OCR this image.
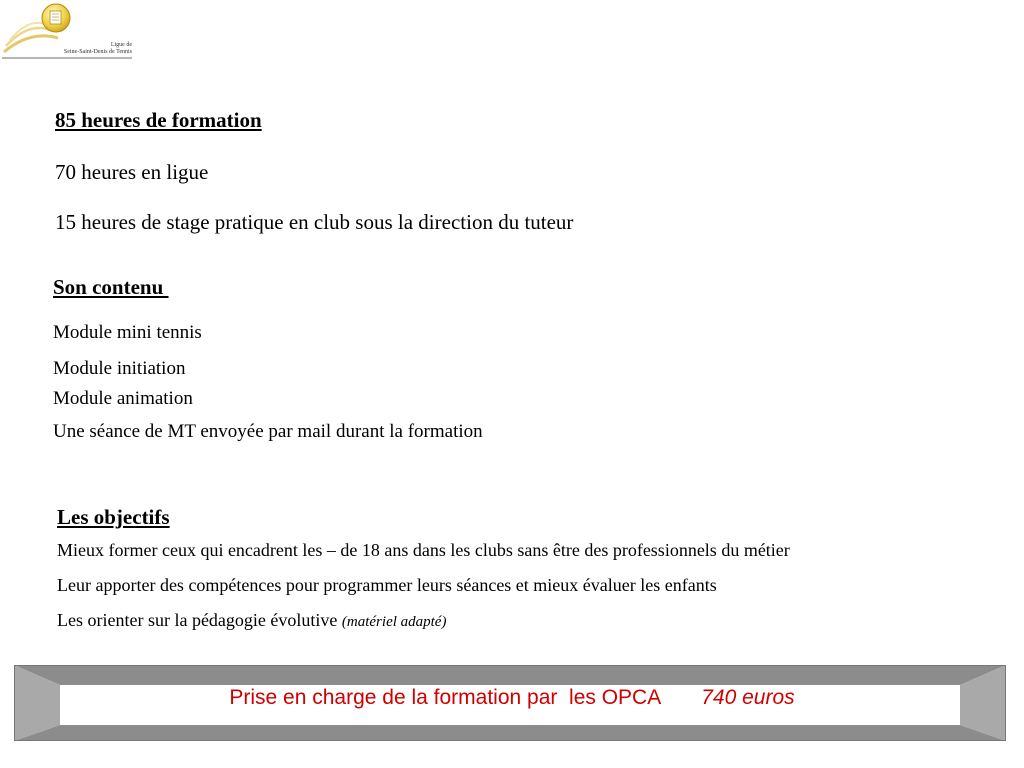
Ligue de
Seine-Saint-Denis de Tennis
85 heures de formation
70 heures en ligue
15 heures de stage pratique en club sous la direction du tuteur
Son contenu
Module mini tennis
Module initiation
Module animation
Une séance de MT envoyée par mail durant la formation
Les objectifs
Mieux former ceux qui encadrent les – de 18 ans dans les clubs sans être des professionnels du métier
Leur apporter des compétences pour programmer leurs séances et mieux évaluer les enfants
Les orienter sur la pédagogie évolutive (matériel adapté)
Prise en charge de la formation par  les OPCA 740 euros
